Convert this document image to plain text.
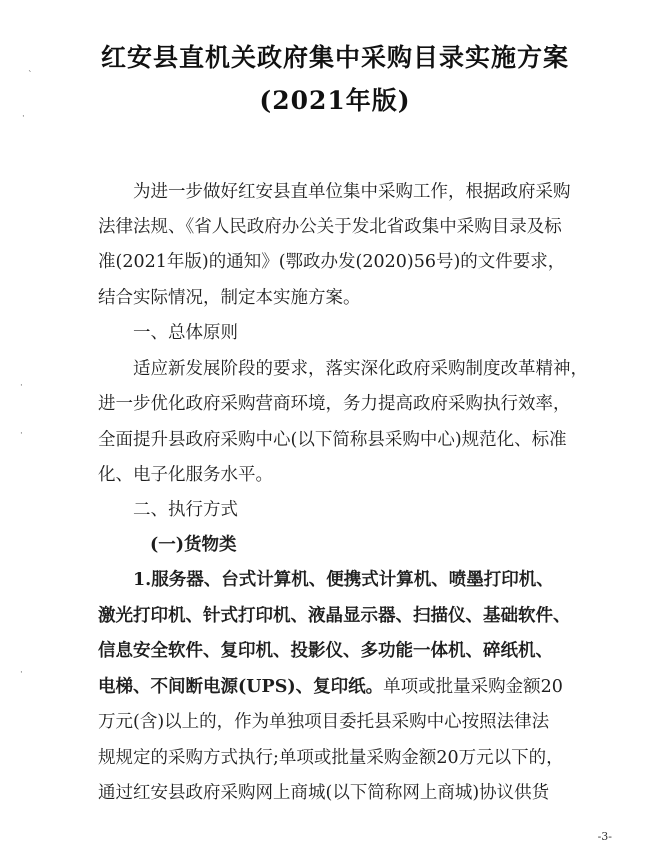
红安县直机关政府集中采购目录实施方案
(2021年版)
ˋ
·
·
·
·
为进一步做好红安县直单位集中采购工作，根据政府采购
法律法规、《省人民政府办公关于发北省政集中采购目录及标
准(2021年版)的通知》(鄂政办发(2020)56号)的文件要求，
结合实际情况，制定本实施方案。
一、总体原则
适应新发展阶段的要求，落实深化政府采购制度改革精神，
进一步优化政府采购营商环境，务力提高政府采购执行效率，
全面提升县政府采购中心(以下简称县采购中心)规范化、标准
化、电子化服务水平。
二、执行方式
(一)货物类
1.服务器、台式计算机、便携式计算机、喷墨打印机、
激光打印机、针式打印机、液晶显示器、扫描仪、基础软件、
信息安全软件、复印机、投影仪、多功能一体机、碎纸机、
电梯、不间断电源(UPS)、复印纸。单项或批量采购金额20
万元(含)以上的，作为单独项目委托县采购中心按照法律法
规规定的采购方式执行;单项或批量采购金额20万元以下的，
通过红安县政府采购网上商城(以下简称网上商城)协议供货
-3-
